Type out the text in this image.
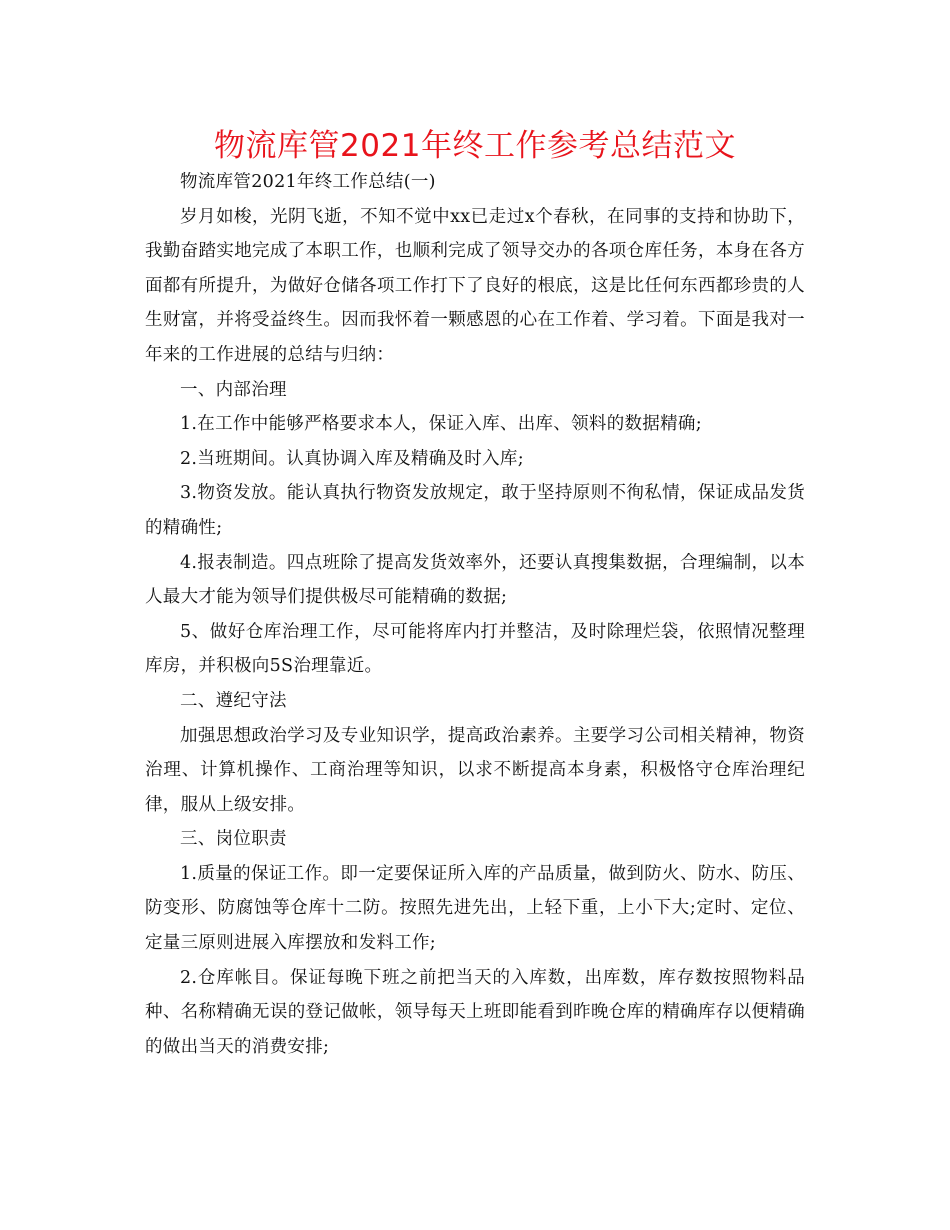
物流库管2021年终工作参考总结范文

物流库管2021年终工作总结(一)

岁月如梭，光阴飞逝，不知不觉中xx已走过x个春秋，在同事的支持和协助下，我勤奋踏实地完成了本职工作，也顺利完成了领导交办的各项仓库任务，本身在各方面都有所提升，为做好仓储各项工作打下了良好的根底，这是比任何东西都珍贵的人生财富，并将受益终生。因而我怀着一颗感恩的心在工作着、学习着。下面是我对一年来的工作进展的总结与归纳：

一、内部治理

1.在工作中能够严格要求本人，保证入库、出库、领料的数据精确;

2.当班期间。认真协调入库及精确及时入库;

3.物资发放。能认真执行物资发放规定，敢于坚持原则不徇私情，保证成品发货的精确性;

4.报表制造。四点班除了提高发货效率外，还要认真搜集数据，合理编制，以本人最大才能为领导们提供极尽可能精确的数据;

5、做好仓库治理工作，尽可能将库内打并整洁，及时除理烂袋，依照情况整理库房，并积极向5S治理靠近。

二、遵纪守法

加强思想政治学习及专业知识学，提高政治素养。主要学习公司相关精神，物资治理、计算机操作、工商治理等知识，以求不断提高本身素，积极恪守仓库治理纪律，服从上级安排。

三、岗位职责

1.质量的保证工作。即一定要保证所入库的产品质量，做到防火、防水、防压、防变形、防腐蚀等仓库十二防。按照先进先出，上轻下重，上小下大;定时、定位、定量三原则进展入库摆放和发料工作;

2.仓库帐目。保证每晚下班之前把当天的入库数，出库数，库存数按照物料品种、名称精确无误的登记做帐，领导每天上班即能看到昨晚仓库的精确库存以便精确的做出当天的消费安排;
